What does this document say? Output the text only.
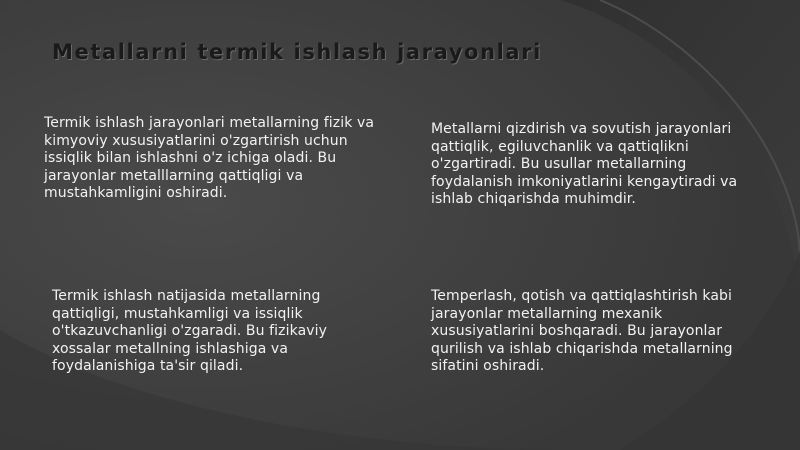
Metallarni termik ishlash jarayonlari
Termik ishlash jarayonlari metallarning fizik va kimyoviy xususiyatlarini o'zgartirish uchun issiqlik bilan ishlashni o'z ichiga oladi. Bu jarayonlar metalllarning qattiqligi va mustahkamligini oshiradi.
Metallarni qizdirish va sovutish jarayonlari qattiqlik, egiluvchanlik va qattiqlikni o'zgartiradi. Bu usullar metallarning foydalanish imkoniyatlarini kengaytiradi va ishlab chiqarishda muhimdir.
Termik ishlash natijasida metallarning qattiqligi, mustahkamligi va issiqlik o'tkazuvchanligi o'zgaradi. Bu fizikaviy xossalar metallning ishlashiga va foydalanishiga ta'sir qiladi.
Temperlash, qotish va qattiqlashtirish kabi jarayonlar metallarning mexanik xususiyatlarini boshqaradi. Bu jarayonlar qurilish va ishlab chiqarishda metallarning sifatini oshiradi.
